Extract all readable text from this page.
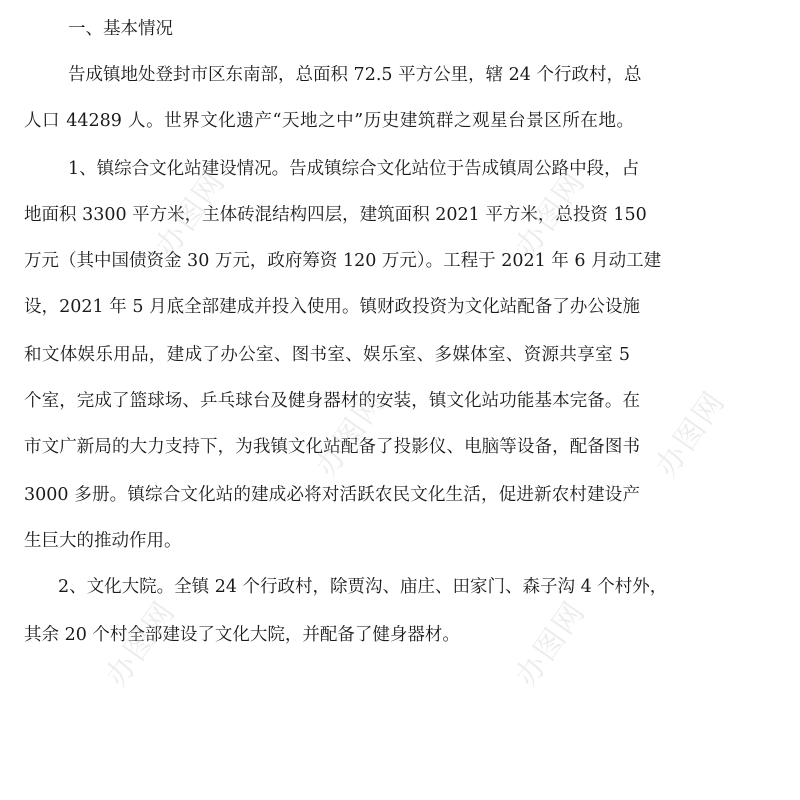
一、基本情况
告成镇地处登封市区东南部，总面积 72.5 平方公里，辖 24 个行政村，总
人口 44289 人。世界文化遗产“天地之中”历史建筑群之观星台景区所在地。
1、镇综合文化站建设情况。告成镇综合文化站位于告成镇周公路中段，占
地面积 3300 平方米，主体砖混结构四层，建筑面积 2021 平方米，总投资 150
万元（其中国债资金 30 万元，政府筹资 120 万元）。工程于 2021 年 6 月动工建
设，2021 年 5 月底全部建成并投入使用。镇财政投资为文化站配备了办公设施
和文体娱乐用品，建成了办公室、图书室、娱乐室、多媒体室、资源共享室 5
个室，完成了篮球场、乒乓球台及健身器材的安装，镇文化站功能基本完备。在
市文广新局的大力支持下，为我镇文化站配备了投影仪、电脑等设备，配备图书
3000 多册。镇综合文化站的建成必将对活跃农民文化生活，促进新农村建设产
生巨大的推动作用。
2、文化大院。全镇 24 个行政村，除贾沟、庙庄、田家门、森子沟 4 个村外，
其余 20 个村全部建设了文化大院，并配备了健身器材。
办图网	办图网
办图网	办图网
办图网	办图网
